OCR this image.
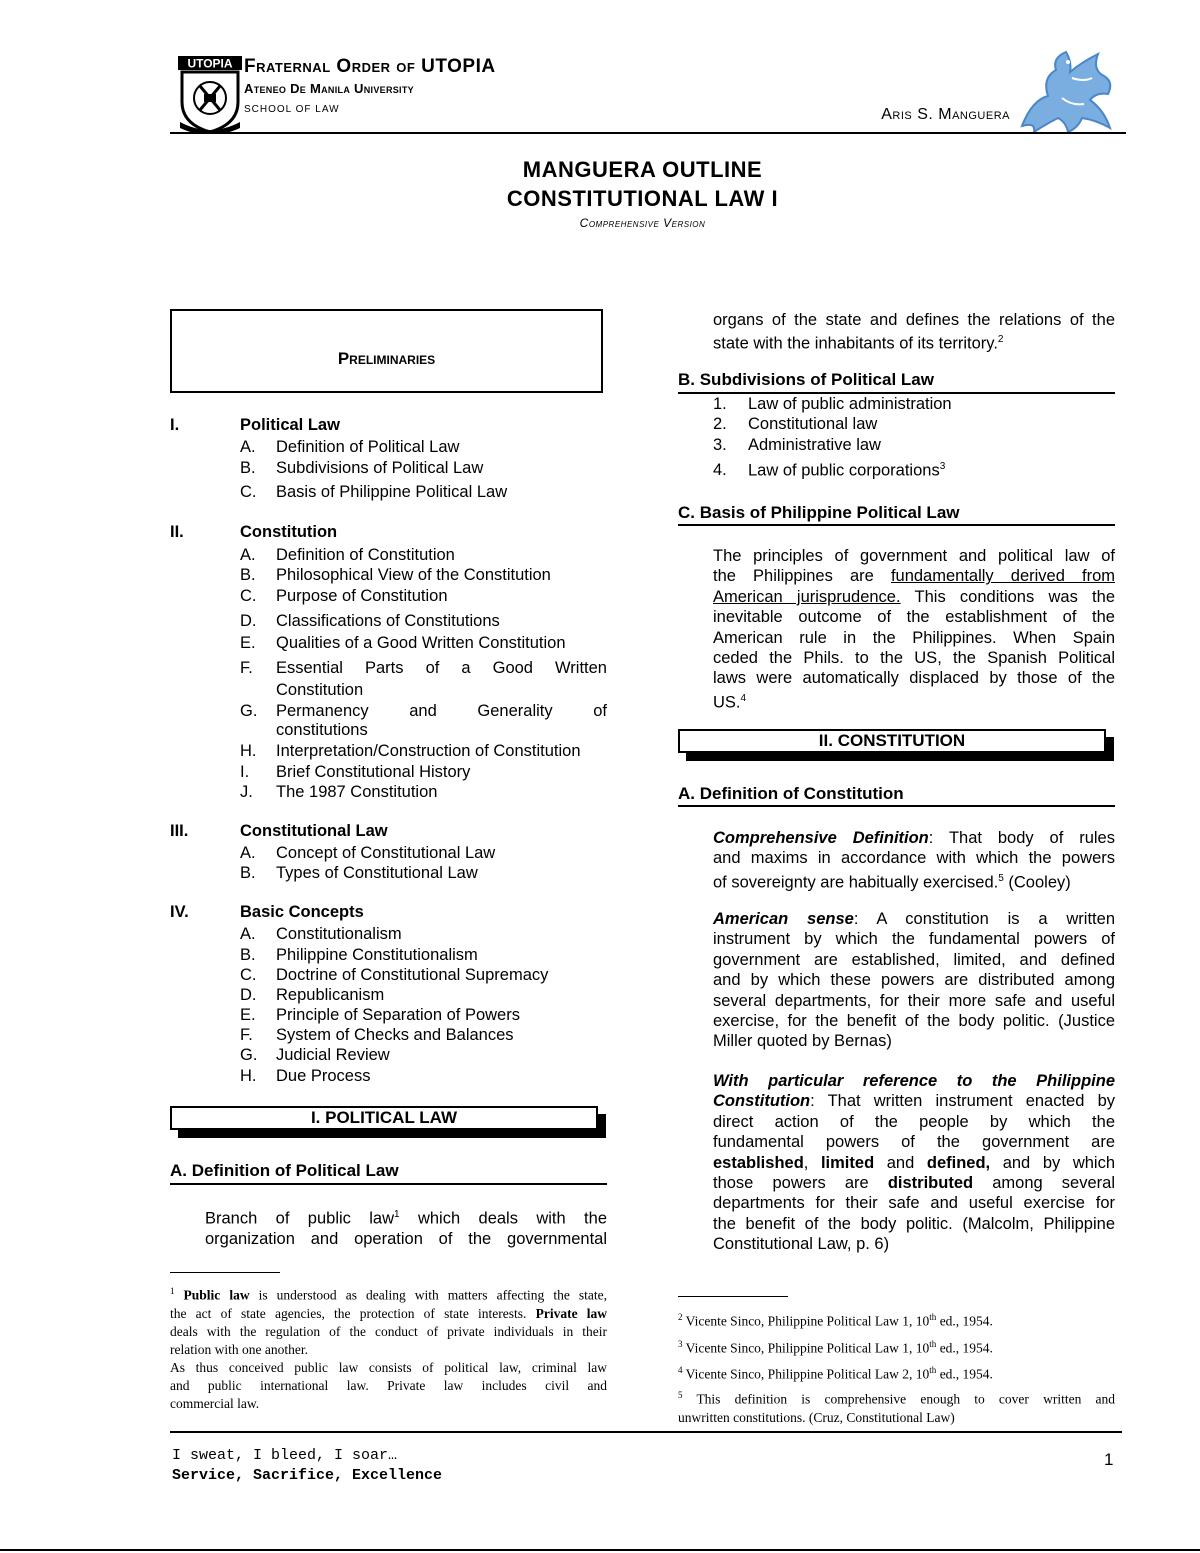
UTOPIA Fraternal Order of UTOPIA
Ateneo De Manila University
SCHOOL OF LAW	Aris S. Manguera
MANGUERA OUTLINE
CONSTITUTIONAL LAW I
Comprehensive Version
Preliminaries
I.	Political Law
A. Definition of Political Law
B. Subdivisions of Political Law
C. Basis of Philippine Political Law
II.	Constitution
A. Definition of Constitution
B. Philosophical View of the Constitution
C. Purpose of Constitution
D. Classifications of Constitutions
E. Qualities of a Good Written Constitution
F. Essential Parts of a Good Written
Constitution
G. Permanency and Generality of
constitutions
H. Interpretation/Construction of Constitution
I. Brief Constitutional History
J. The 1987 Constitution
III.	Constitutional Law
A. Concept of Constitutional Law
B. Types of Constitutional Law
IV.	Basic Concepts
A. Constitutionalism
B. Philippine Constitutionalism
C. Doctrine of Constitutional Supremacy
D. Republicanism
E. Principle of Separation of Powers
F. System of Checks and Balances
G. Judicial Review
H. Due Process
I. POLITICAL LAW
A. Definition of Political Law
Branch of public law$^1$ which deals with the
organization and operation of the governmental
$^1$ Public law is understood as dealing with matters affecting the state,
the act of state agencies, the protection of state interests. Private law
deals with the regulation of the conduct of private individuals in their
relation with one another.
As thus conceived public law consists of political law, criminal law
and public international law. Private law includes civil and
commercial law.
organs of the state and defines the relations of the
state with the inhabitants of its territory.$^2$
B. Subdivisions of Political Law
1. Law of public administration
2. Constitutional law
3. Administrative law
4. Law of public corporations$^3$
C. Basis of Philippine Political Law
The principles of government and political law of
the Philippines are fundamentally derived from
American jurisprudence. This conditions was the
inevitable outcome of the establishment of the
American rule in the Philippines. When Spain
ceded the Phils. to the US, the Spanish Political
laws were automatically displaced by those of the
US.$^4$
II. CONSTITUTION
A. Definition of Constitution
Comprehensive Definition: That body of rules
and maxims in accordance with which the powers
of sovereignty are habitually exercised.$^5$ (Cooley)
American sense: A constitution is a written
instrument by which the fundamental powers of
government are established, limited, and defined
and by which these powers are distributed among
several departments, for their more safe and useful
exercise, for the benefit of the body politic. (Justice
Miller quoted by Bernas)
With particular reference to the Philippine
Constitution: That written instrument enacted by
direct action of the people by which the
fundamental powers of the government are
established, limited and defined, and by which
those powers are distributed among several
departments for their safe and useful exercise for
the benefit of the body politic. (Malcolm, Philippine
Constitutional Law, p. 6)
$^2$ Vicente Sinco, Philippine Political Law 1, 10th ed., 1954.
$^3$ Vicente Sinco, Philippine Political Law 1, 10th ed., 1954.
$^4$ Vicente Sinco, Philippine Political Law 2, 10th ed., 1954.
$^5$ This definition is comprehensive enough to cover written and
unwritten constitutions. (Cruz, Constitutional Law)
I sweat, I bleed, I soar…
Service, Sacrifice, Excellence
1
